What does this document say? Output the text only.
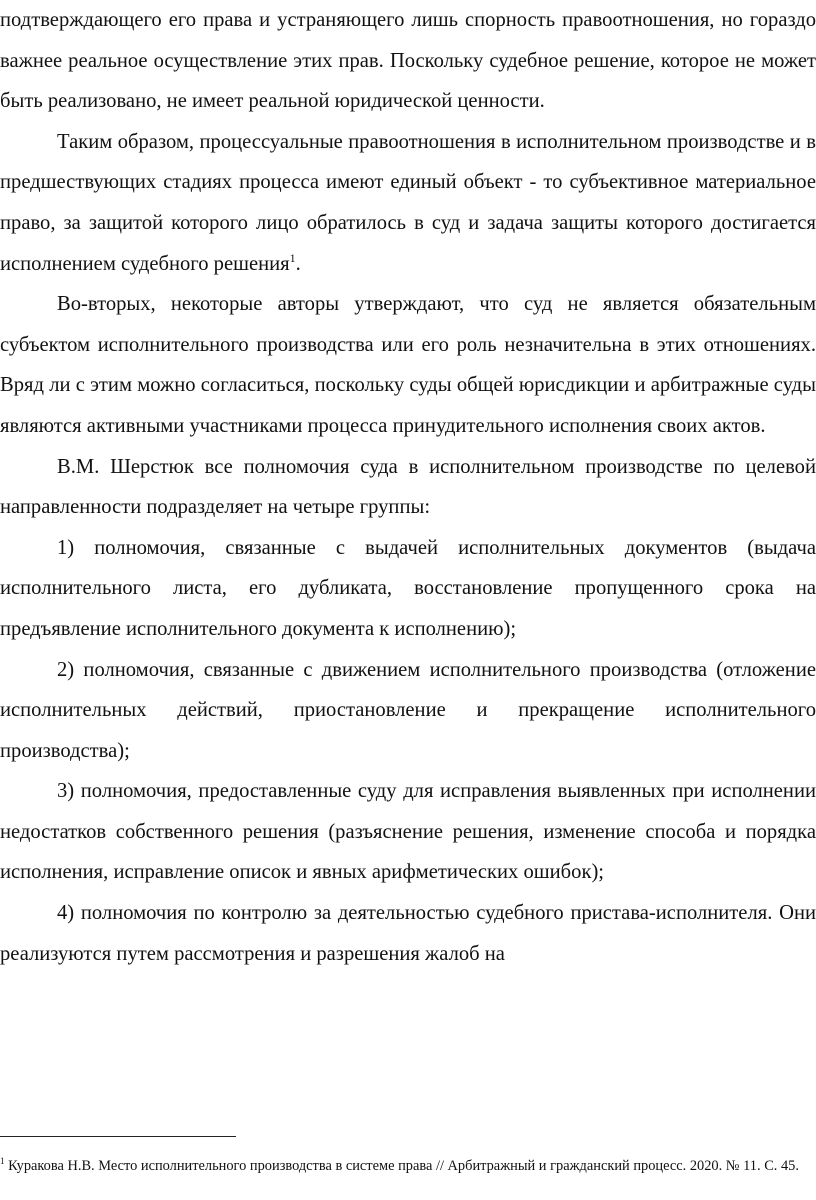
подтверждающего его права и устраняющего лишь спорность правоотношения, но гораздо важнее реальное осуществление этих прав. Поскольку судебное решение, которое не может быть реализовано, не имеет реальной юридической ценности.

Таким образом, процессуальные правоотношения в исполнительном производстве и в предшествующих стадиях процесса имеют единый объект - то субъективное материальное право, за защитой которого лицо обратилось в суд и задача защиты которого достигается исполнением судебного решения$^1$.

Во-вторых, некоторые авторы утверждают, что суд не является обязательным субъектом исполнительного производства или его роль незначительна в этих отношениях. Вряд ли с этим можно согласиться, поскольку суды общей юрисдикции и арбитражные суды являются активными участниками процесса принудительного исполнения своих актов.

В.М. Шерстюк все полномочия суда в исполнительном производстве по целевой направленности подразделяет на четыре группы:

1) полномочия, связанные с выдачей исполнительных документов (выдача исполнительного листа, его дубликата, восстановление пропущенного срока на предъявление исполнительного документа к исполнению);

2) полномочия, связанные с движением исполнительного производства (отложение исполнительных действий, приостановление и прекращение исполнительного производства);

3) полномочия, предоставленные суду для исправления выявленных при исполнении недостатков собственного решения (разъяснение решения, изменение способа и порядка исполнения, исправление описок и явных арифметических ошибок);

4) полномочия по контролю за деятельностью судебного пристава-исполнителя. Они реализуются путем рассмотрения и разрешения жалоб на

$^1$ Куракова Н.В. Место исполнительного производства в системе права // Арбитражный и гражданский процесс. 2020. № 11. С. 45.
